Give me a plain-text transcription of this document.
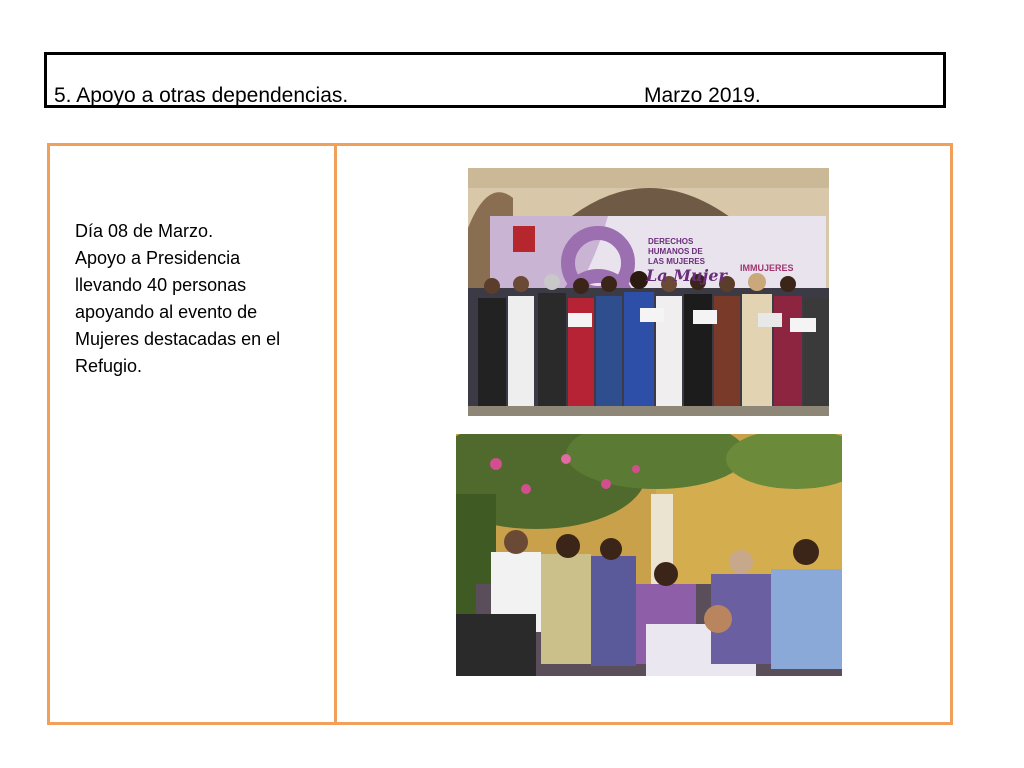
5. Apoyo a otras dependencias.	Marzo 2019.
Día 08 de Marzo.
Apoyo a Presidencia
llevando 40 personas
apoyando al evento de
Mujeres destacadas en el
Refugio.
DERECHOS
HUMANOS DE
LAS MUJERES
IMMUJERES
La Mujer
